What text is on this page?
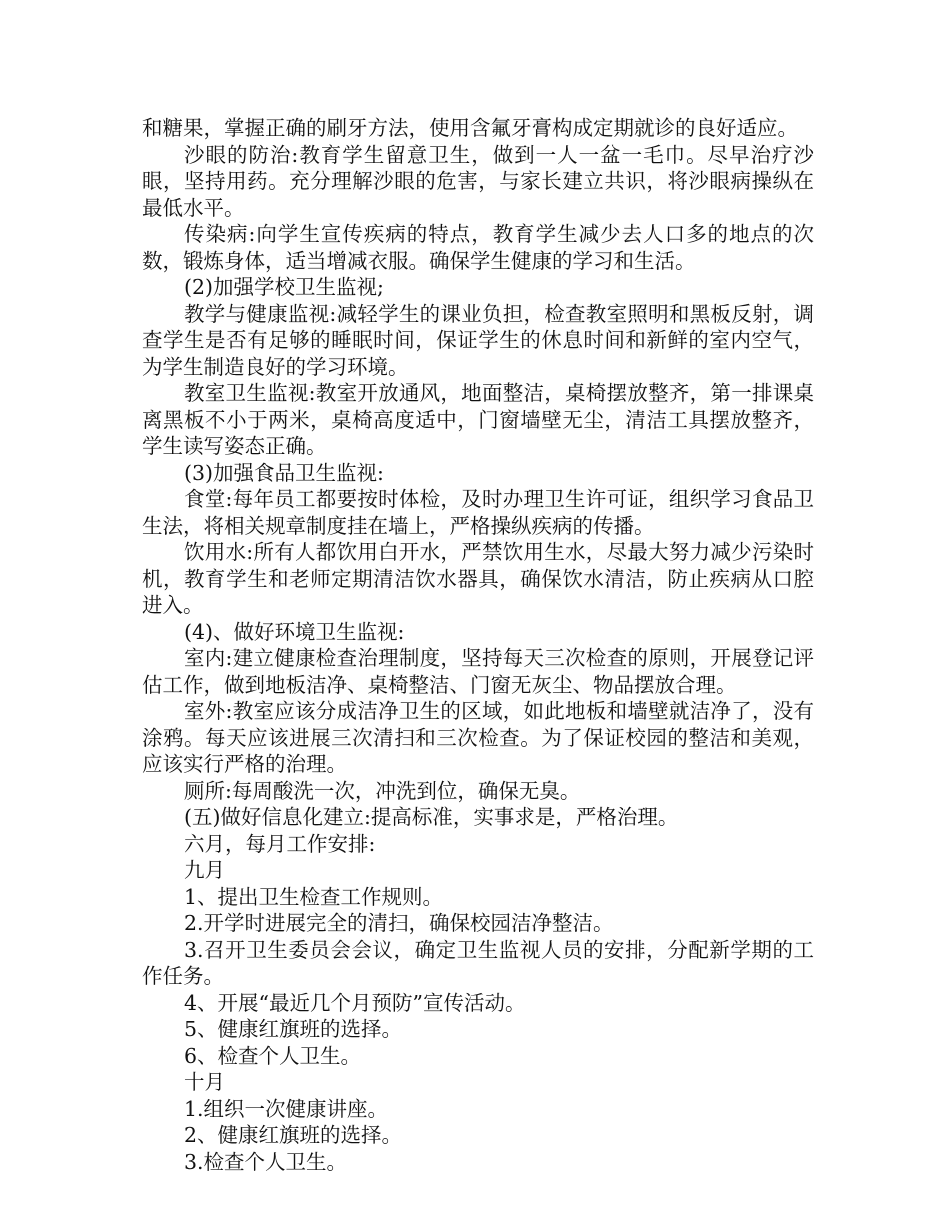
和糖果，掌握正确的刷牙方法，使用含氟牙膏构成定期就诊的良好适应。

沙眼的防治:教育学生留意卫生，做到一人一盆一毛巾。尽早治疗沙眼，坚持用药。充分理解沙眼的危害，与家长建立共识，将沙眼病操纵在最低水平。

传染病:向学生宣传疾病的特点，教育学生减少去人口多的地点的次数，锻炼身体，适当增减衣服。确保学生健康的学习和生活。

(2)加强学校卫生监视;

教学与健康监视:减轻学生的课业负担，检查教室照明和黑板反射，调查学生是否有足够的睡眠时间，保证学生的休息时间和新鲜的室内空气，为学生制造良好的学习环境。

教室卫生监视:教室开放通风，地面整洁，桌椅摆放整齐，第一排课桌离黑板不小于两米，桌椅高度适中，门窗墙壁无尘，清洁工具摆放整齐，学生读写姿态正确。

(3)加强食品卫生监视:

食堂:每年员工都要按时体检，及时办理卫生许可证，组织学习食品卫生法，将相关规章制度挂在墙上，严格操纵疾病的传播。

饮用水:所有人都饮用白开水，严禁饮用生水，尽最大努力减少污染时机，教育学生和老师定期清洁饮水器具，确保饮水清洁，防止疾病从口腔进入。

(4)、做好环境卫生监视:

室内:建立健康检查治理制度，坚持每天三次检查的原则，开展登记评估工作，做到地板洁净、桌椅整洁、门窗无灰尘、物品摆放合理。

室外:教室应该分成洁净卫生的区域，如此地板和墙壁就洁净了，没有涂鸦。每天应该进展三次清扫和三次检查。为了保证校园的整洁和美观，应该实行严格的治理。

厕所:每周酸洗一次，冲洗到位，确保无臭。

(五)做好信息化建立:提高标准，实事求是，严格治理。

六月，每月工作安排:

九月

1、提出卫生检查工作规则。

2.开学时进展完全的清扫，确保校园洁净整洁。

3.召开卫生委员会会议，确定卫生监视人员的安排，分配新学期的工作任务。

4、开展“最近几个月预防”宣传活动。

5、健康红旗班的选择。

6、检查个人卫生。

十月

1.组织一次健康讲座。

2、健康红旗班的选择。

3.检查个人卫生。
